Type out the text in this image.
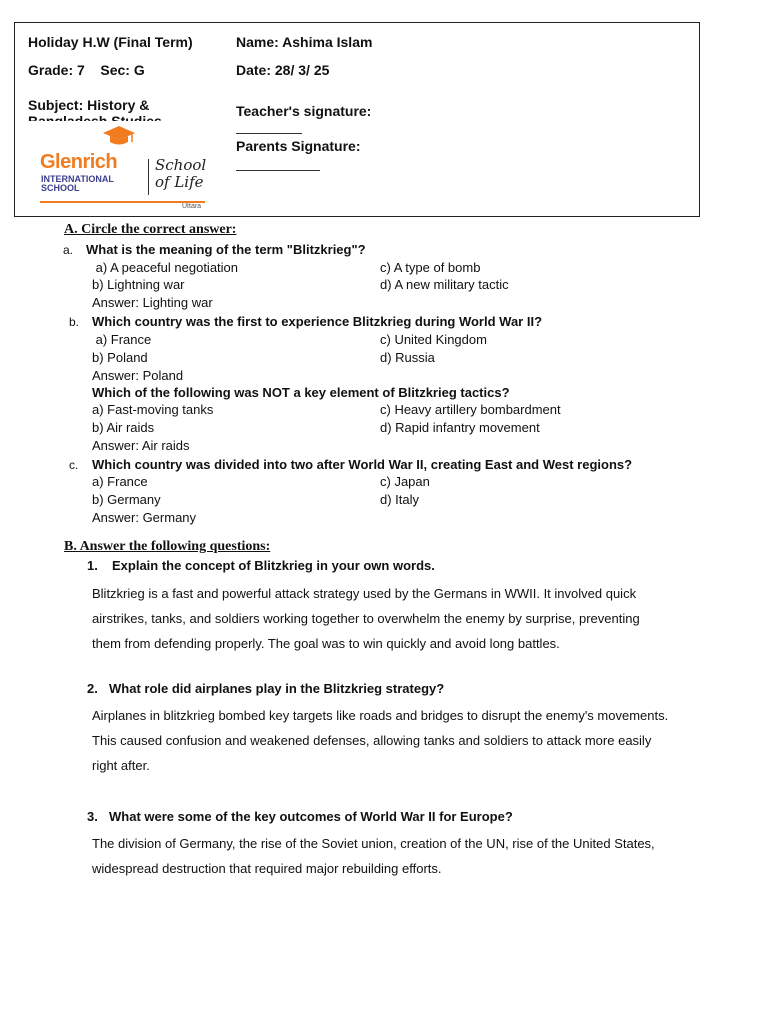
Holiday H.W (Final Term)	Name: Ashima Islam
Grade: 7    Sec: G	Date: 28/ 3/ 25
Subject: History &	Teacher's signature:
Parents Signature:
Glenrich
INTERNATIONAL
SCHOOL
School
of Life
Uttara
A. Circle the correct answer:
a. What is the meaning of the term "Blitzkrieg"?
a) A peaceful negotiation	c) A type of bomb
b) Lightning war	d) A new military tactic
Answer: Lighting war
b. Which country was the first to experience Blitzkrieg during World War II?
a) France	c) United Kingdom
b) Poland	d) Russia
Answer: Poland
Which of the following was NOT a key element of Blitzkrieg tactics?
a) Fast-moving tanks	c) Heavy artillery bombardment
b) Air raids	d) Rapid infantry movement
Answer: Air raids
c. Which country was divided into two after World War II, creating East and West regions?
a) France	c) Japan
b) Germany	d) Italy
Answer: Germany
B. Answer the following questions:
1. Explain the concept of Blitzkrieg in your own words.
Blitzkrieg is a fast and powerful attack strategy used by the Germans in WWII. It involved quick
airstrikes, tanks, and soldiers working together to overwhelm the enemy by surprise, preventing
them from defending properly. The goal was to win quickly and avoid long battles.
2. What role did airplanes play in the Blitzkrieg strategy?
Airplanes in blitzkrieg bombed key targets like roads and bridges to disrupt the enemy's movements.
This caused confusion and weakened defenses, allowing tanks and soldiers to attack more easily
right after.
3. What were some of the key outcomes of World War II for Europe?
The division of Germany, the rise of the Soviet union, creation of the UN, rise of the United States,
widespread destruction that required major rebuilding efforts.
